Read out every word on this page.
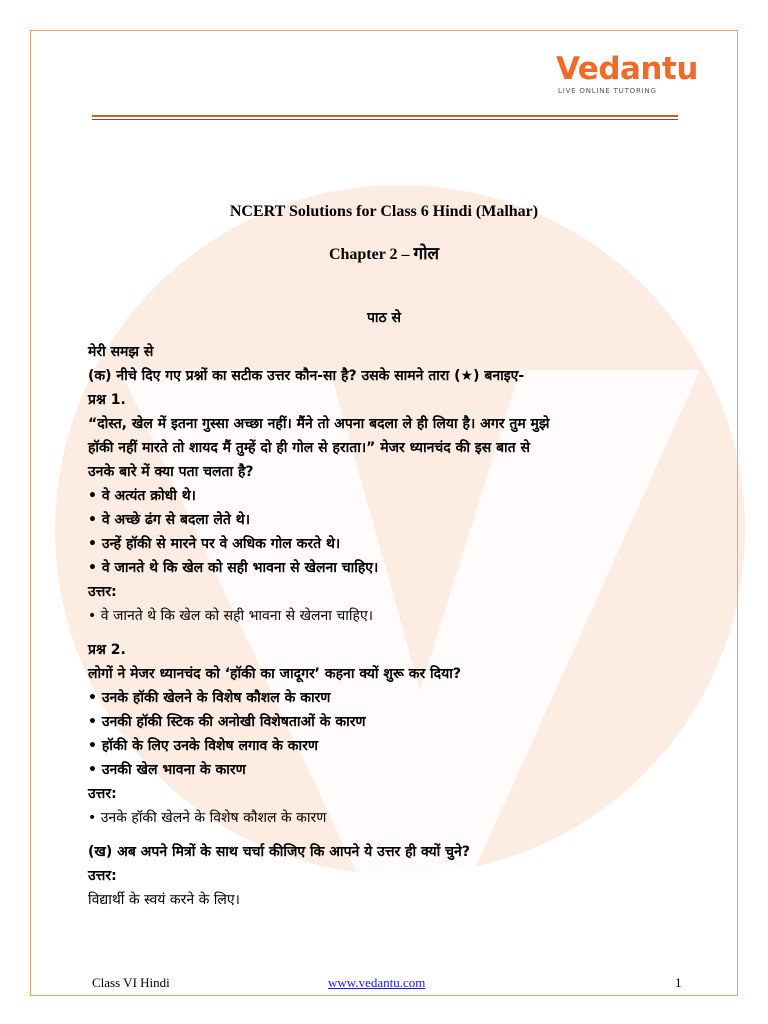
Vedantu
LIVE ONLINE TUTORING
NCERT Solutions for Class 6 Hindi (Malhar)
Chapter 2 – गोल
पाठ से
मेरी समझ से
(क) नीचे दिए गए प्रश्नों का सटीक उत्तर कौन-सा है? उसके सामने तारा (★) बनाइए-
प्रश्न 1.
“दोस्त, खेल में इतना गुस्सा अच्छा नहीं। मैंने तो अपना बदला ले ही लिया है। अगर तुम मुझे
हॉकी नहीं मारते तो शायद मैं तुम्हें दो ही गोल से हराता।” मेजर ध्यानचंद की इस बात से
उनके बारे में क्या पता चलता है?
• वे अत्यंत क्रोधी थे।
• वे अच्छे ढंग से बदला लेते थे।
• उन्हें हॉकी से मारने पर वे अधिक गोल करते थे।
• वे जानते थे कि खेल को सही भावना से खेलना चाहिए।
उत्तर:
• वे जानते थे कि खेल को सही भावना से खेलना चाहिए।
प्रश्न 2.
लोगों ने मेजर ध्यानचंद को ‘हॉकी का जादूगर’ कहना क्यों शुरू कर दिया?
• उनके हॉकी खेलने के विशेष कौशल के कारण
• उनकी हॉकी स्टिक की अनोखी विशेषताओं के कारण
• हॉकी के लिए उनके विशेष लगाव के कारण
• उनकी खेल भावना के कारण
उत्तर:
• उनके हॉकी खेलने के विशेष कौशल के कारण
(ख) अब अपने मित्रों के साथ चर्चा कीजिए कि आपने ये उत्तर ही क्यों चुने?
उत्तर:
विद्यार्थी के स्वयं करने के लिए।
Class VI Hindi	www.vedantu.com	1
